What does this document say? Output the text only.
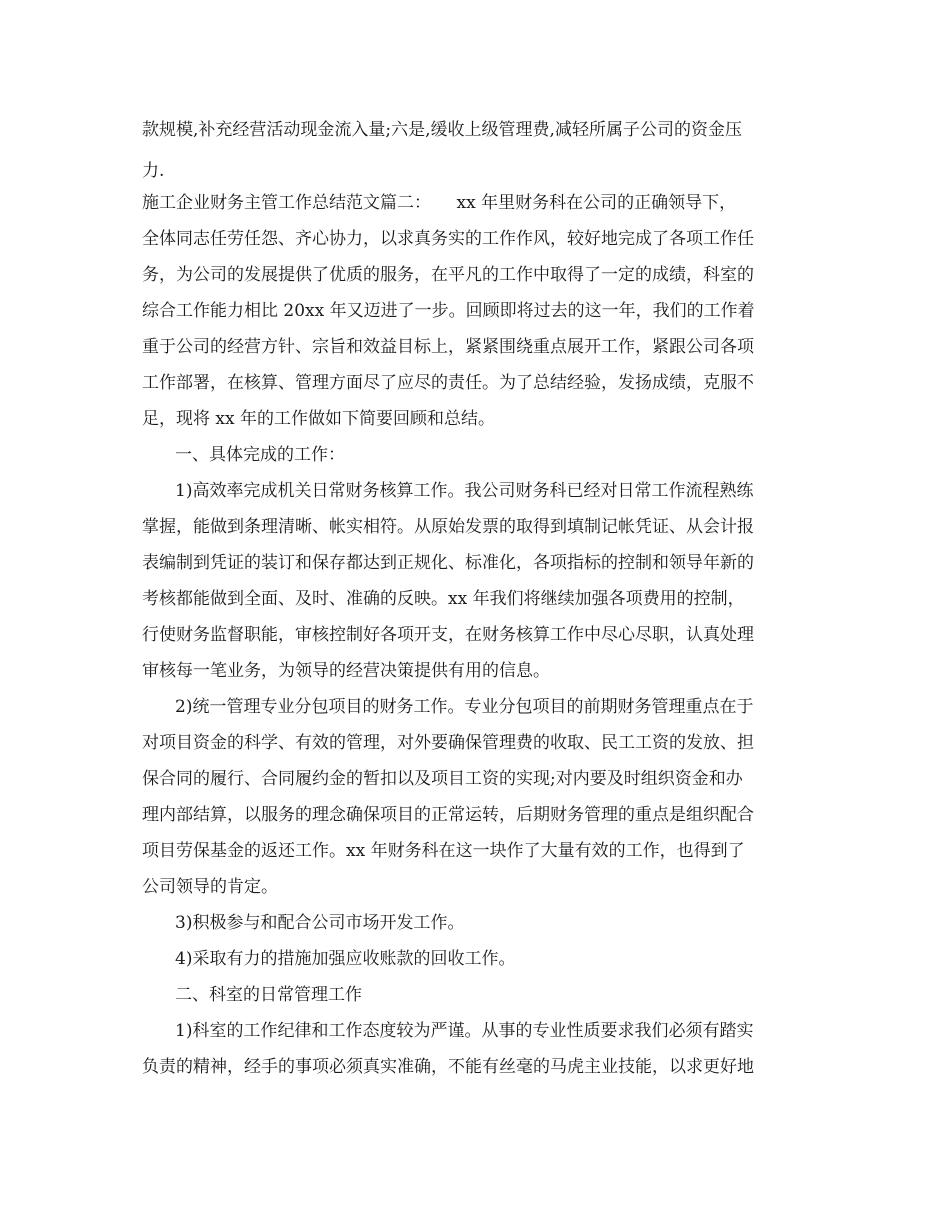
款规模,补充经营活动现金流入量;六是,缓收上级管理费,减轻所属子公司的资金压
力.
施工企业财务主管工作总结范文篇二：　　xx 年里财务科在公司的正确领导下，
全体同志任劳任怨、齐心协力，以求真务实的工作作风，较好地完成了各项工作任
务，为公司的发展提供了优质的服务，在平凡的工作中取得了一定的成绩，科室的
综合工作能力相比 20xx 年又迈进了一步。回顾即将过去的这一年，我们的工作着
重于公司的经营方针、宗旨和效益目标上，紧紧围绕重点展开工作，紧跟公司各项
工作部署，在核算、管理方面尽了应尽的责任。为了总结经验，发扬成绩，克服不
足，现将 xx 年的工作做如下简要回顾和总结。
一、具体完成的工作：
1)高效率完成机关日常财务核算工作。我公司财务科已经对日常工作流程熟练
掌握，能做到条理清晰、帐实相符。从原始发票的取得到填制记帐凭证、从会计报
表编制到凭证的装订和保存都达到正规化、标准化，各项指标的控制和领导年新的
考核都能做到全面、及时、准确的反映。xx 年我们将继续加强各项费用的控制，
行使财务监督职能，审核控制好各项开支，在财务核算工作中尽心尽职，认真处理
审核每一笔业务，为领导的经营决策提供有用的信息。
2)统一管理专业分包项目的财务工作。专业分包项目的前期财务管理重点在于
对项目资金的科学、有效的管理，对外要确保管理费的收取、民工工资的发放、担
保合同的履行、合同履约金的暂扣以及项目工资的实现;对内要及时组织资金和办
理内部结算，以服务的理念确保项目的正常运转，后期财务管理的重点是组织配合
项目劳保基金的返还工作。xx 年财务科在这一块作了大量有效的工作，也得到了
公司领导的肯定。
3)积极参与和配合公司市场开发工作。
4)采取有力的措施加强应收账款的回收工作。
二、科室的日常管理工作
1)科室的工作纪律和工作态度较为严谨。从事的专业性质要求我们必须有踏实
负责的精神，经手的事项必须真实准确，不能有丝毫的马虎主业技能，以求更好地
